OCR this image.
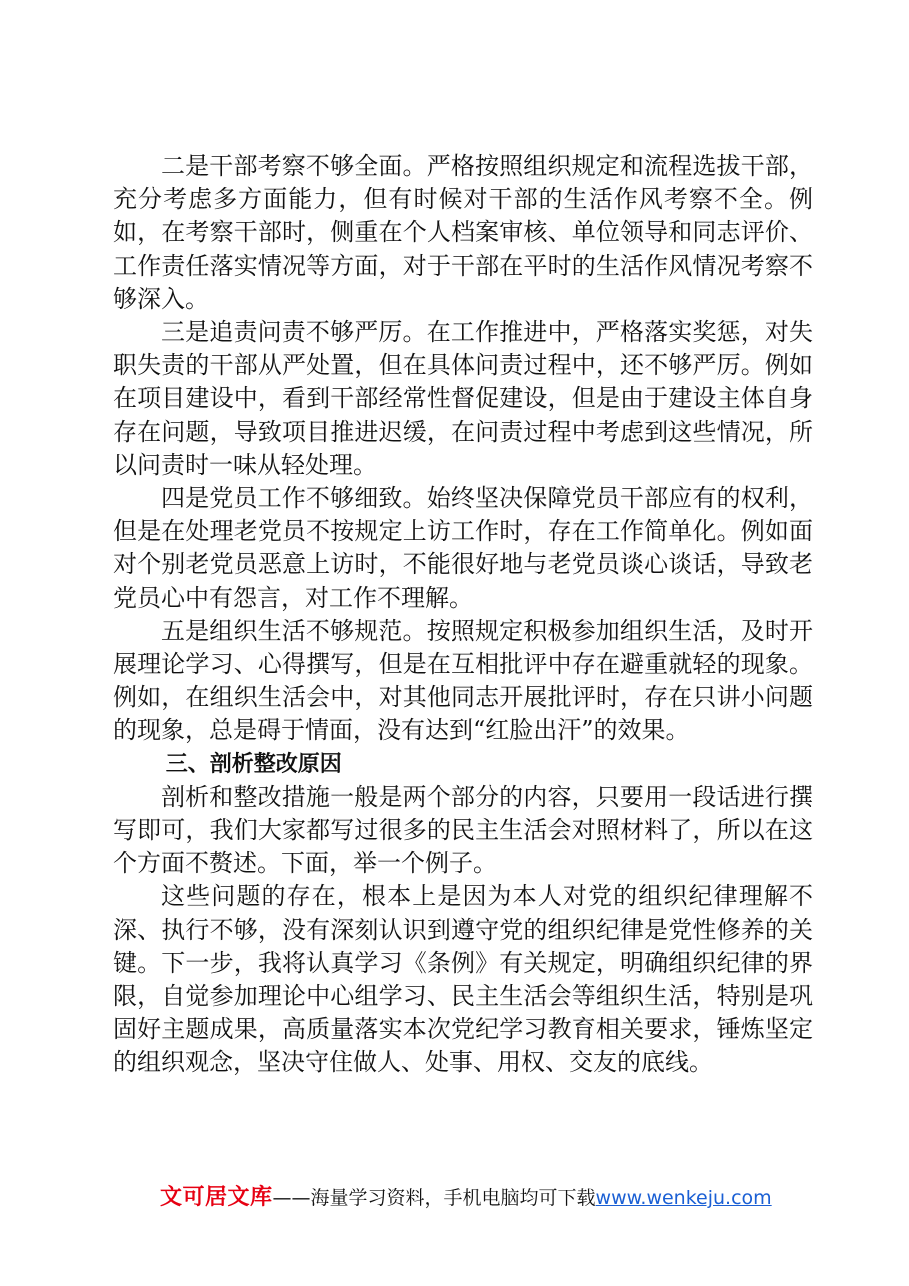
二是干部考察不够全面。严格按照组织规定和流程选拔干部，充分考虑多方面能力，但有时候对干部的生活作风考察不全。例如，在考察干部时，侧重在个人档案审核、单位领导和同志评价、工作责任落实情况等方面，对于干部在平时的生活作风情况考察不够深入。

三是追责问责不够严厉。在工作推进中，严格落实奖惩，对失职失责的干部从严处置，但在具体问责过程中，还不够严厉。例如在项目建设中，看到干部经常性督促建设，但是由于建设主体自身存在问题，导致项目推进迟缓，在问责过程中考虑到这些情况，所以问责时一味从轻处理。

四是党员工作不够细致。始终坚决保障党员干部应有的权利，但是在处理老党员不按规定上访工作时，存在工作简单化。例如面对个别老党员恶意上访时，不能很好地与老党员谈心谈话，导致老党员心中有怨言，对工作不理解。

五是组织生活不够规范。按照规定积极参加组织生活，及时开展理论学习、心得撰写，但是在互相批评中存在避重就轻的现象。例如，在组织生活会中，对其他同志开展批评时，存在只讲小问题的现象，总是碍于情面，没有达到“红脸出汗”的效果。

三、剖析整改原因

剖析和整改措施一般是两个部分的内容，只要用一段话进行撰写即可，我们大家都写过很多的民主生活会对照材料了，所以在这个方面不赘述。下面，举一个例子。

这些问题的存在，根本上是因为本人对党的组织纪律理解不深、执行不够，没有深刻认识到遵守党的组织纪律是党性修养的关键。下一步，我将认真学习《条例》有关规定，明确组织纪律的界限，自觉参加理论中心组学习、民主生活会等组织生活，特别是巩固好主题成果，高质量落实本次党纪学习教育相关要求，锤炼坚定的组织观念，坚决守住做人、处事、用权、交友的底线。

文可居文库——海量学习资料，手机电脑均可下载www.wenkeju.com
